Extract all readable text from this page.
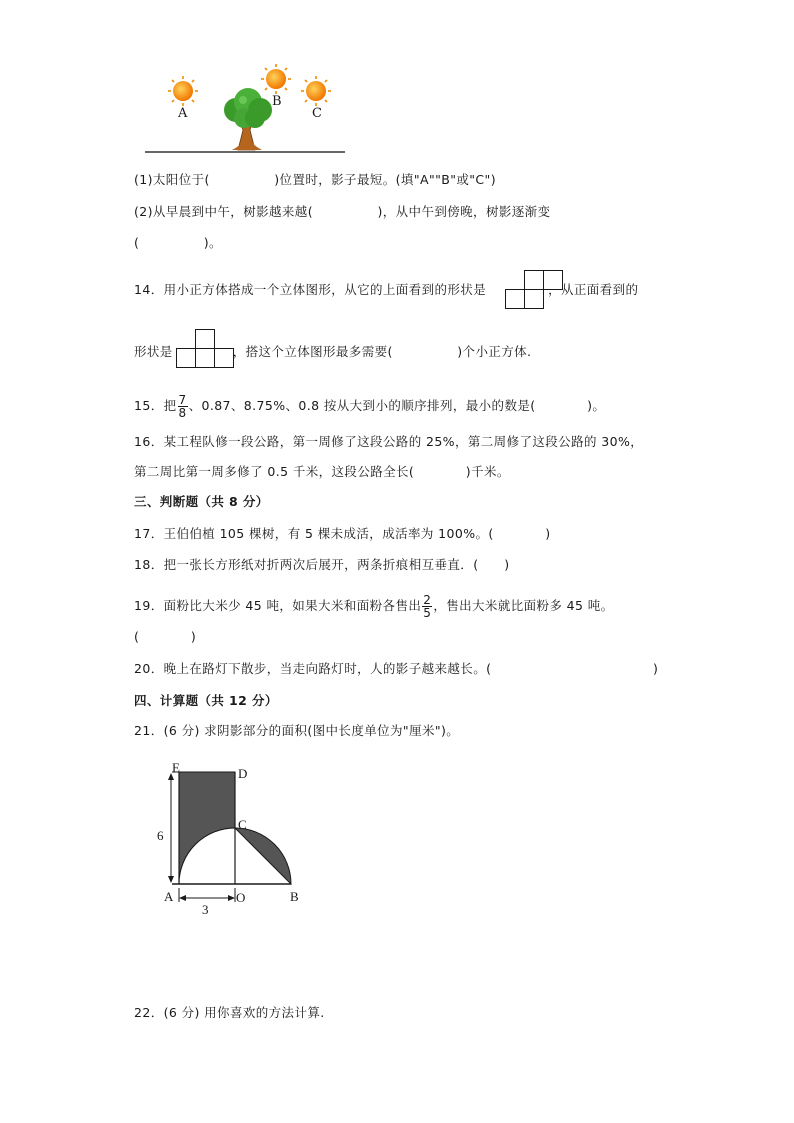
A
B
C
(1)太阳位于(　　　　　)位置时，影子最短。(填"A""B"或"C")
(2)从早晨到中午，树影越来越(　　　　　)，从中午到傍晚，树影逐渐变
(　　　　　)。
14．用小正方体搭成一个立体图形，从它的上面看到的形状是	，从正面看到的
形状是	，搭这个立体图形最多需要(　　　　　)个小正方体.
15．把 $\frac{7}{8}$ 、0.87、8.75%、0.8 按从大到小的顺序排列，最小的数是(　　　　)。
16．某工程队修一段公路，第一周修了这段公路的 25%，第二周修了这段公路的 30%，
第二周比第一周多修了 0.5 千米，这段公路全长(　　　　)千米。
三、判断题（共 8 分）
17．王伯伯植 105 棵树，有 5 棵未成活，成活率为 100%。(　　　　)
18．把一张长方形纸对折两次后展开，两条折痕相互垂直．(　　)
19．面粉比大米少 45 吨，如果大米和面粉各售出 $\frac{2}{5}$ ，售出大米就比面粉多 45 吨。
(　　　　)
20．晚上在路灯下散步，当走向路灯时，人的影子越来越长。(	)
四、计算题（共 12 分）
21．(6 分) 求阴影部分的面积(图中长度单位为"厘米")。
E	D
C
A	O	B
6
3
22．(6 分) 用你喜欢的方法计算.
